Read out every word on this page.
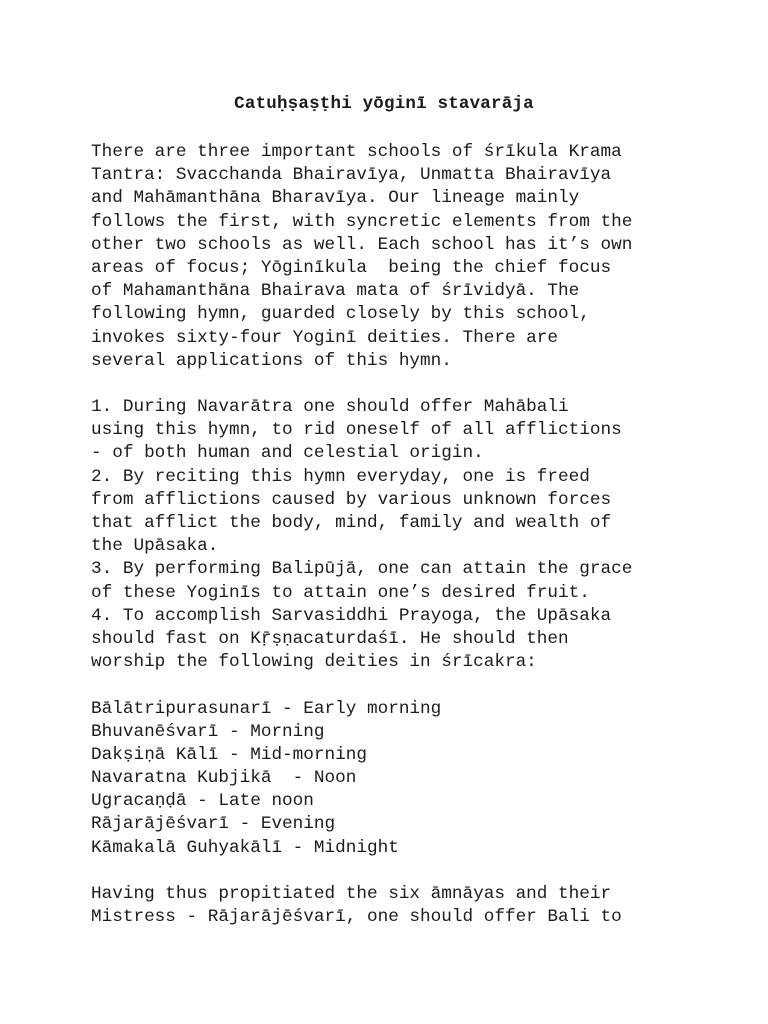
Catuḥṣaṣṭhi yōginī stavarāja
There are three important schools of śrīkula Krama
Tantra: Svacchanda Bhairavīya, Unmatta Bhairavīya
and Mahāmanthāna Bharavīya. Our lineage mainly
follows the first, with syncretic elements from the
other two schools as well. Each school has it’s own
areas of focus; Yōginīkula  being the chief focus
of Mahamanthāna Bhairava mata of śrīvidyā. The
following hymn, guarded closely by this school,
invokes sixty-four Yoginī deities. There are
several applications of this hymn.
1. During Navarātra one should offer Mahābali
using this hymn, to rid oneself of all afflictions
- of both human and celestial origin.
2. By reciting this hymn everyday, one is freed
from afflictions caused by various unknown forces
that afflict the body, mind, family and wealth of
the Upāsaka.
3. By performing Balipūjā, one can attain the grace
of these Yoginīs to attain one’s desired fruit.
4. To accomplish Sarvasiddhi Prayoga, the Upāsaka
should fast on Kṝṣṇacaturdaśī. He should then
worship the following deities in śrīcakra:
Bālātripurasunarī - Early morning
Bhuvanēśvarī - Morning
Dakṣiṇā Kālī - Mid-morning
Navaratna Kubjikā  - Noon
Ugracaṇḍā - Late noon
Rājarājēśvarī - Evening
Kāmakalā Guhyakālī - Midnight
Having thus propitiated the six āmnāyas and their
Mistress - Rājarājēśvarī, one should offer Bali to
